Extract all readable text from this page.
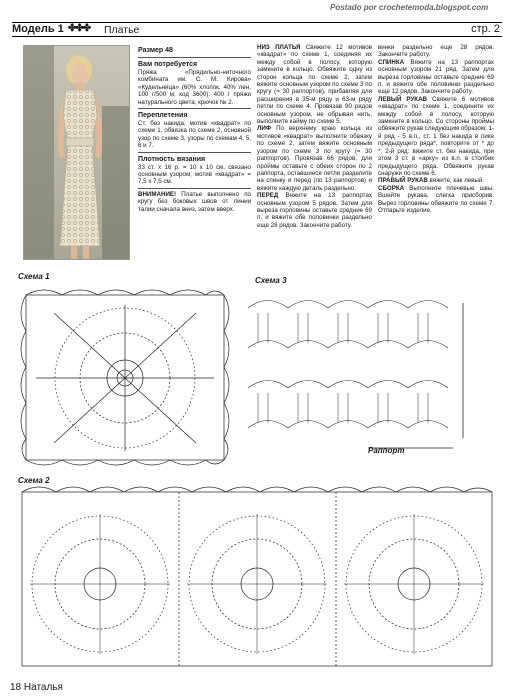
Postado por crochetemoda.blogspot.com
Модель 1 ✤✤✤ Платье	стр. 2
Размер 48
Вам потребуется

Пряжа «Прядильно-ниточного комбината им. С. М. Кирова» «Кудельница» (60% хлопок, 40% лен, 100 г/500 м; код 3600): 400 г пряжи натурального цвета; крючок № 2.

Переплетения

Ст. без накида, мотив «квадрат» по схеме 1, обвязка по схеме 2, основной узор по схеме 3, узоры по схемам 4, 5, 6 и 7.

Плотность вязания

33 ст. х 16 р. = 10 х 10 см, связано основным узором; мотив «квадрат» = 7,5 х 7,5 см.

ВНИМАНИЕ! Платье выполнено по кругу без боковых швов от линии талии сначала вниз, затем вверх.

НИЗ ПЛАТЬЯ Свяжите 12 мотивов «квадрат» по схеме 1, соединяя их между собой в полосу, которую замкните в кольцо. Обвяжите одну из сторон кольца по схеме 2, затем вяжите основным узором по схеме 3 по кругу (= 30 раппортов), прибавляя для расширения в 35-м ряду и 63-м ряду петли по схеме 4. Провязав 90 рядов основным узором, не обрывая нить, выполните кайму по схеме 5.

ЛИФ По верхнему краю кольца из мотивов «квадрат» выполните обвязку по схеме 2, затем вяжите основным узором по схеме 3 по кругу (= 30 раппортов). Провязав 66 рядов, для проймы оставьте с обеих сторон по 2 раппорта, оставшиеся петли разделите на спинку и перед (по 13 раппортов) и вяжите каждую деталь раздельно.

ПЕРЕД Вяжите на 13 раппортах основным узором 5 рядов. Затем для выреза горловины оставьте средние 69 п. и вяжите обе половинки раздельно еще 28 рядов. Закончите работу.

винки раздельно еще 28 рядов. Закончите работу.

СПИНКА Вяжите на 13 раппортах основным узором 21 ряд. Затем для выреза горловины оставьте средние 69 п. и вяжите обе половинки раздельно еще 12 рядов. Закончите работу.

ЛЕВЫЙ РУКАВ Свяжите 6 мотивов «квадрат» по схеме 1, соедините их между собой в полосу, которую замкните в кольцо. Со стороны проймы обвяжите рукав следующим образом: 1-й ряд - 5 в.п., ст. 1 без накида в пике предыдущего ряда*, повторите от * до *; 2-й ряд: вяжите ст. без накида, при этом 3 ст. в «арку» из в.п. в столбик предыдущего ряда. Обвяжите рукав снаружи по схеме 6.

ПРАВЫЙ РУКАВ вяжите, как левый.

СБОРКА Выполните плечевые швы. Вшейте рукава, слегка присборив. Вырез горловины обвяжите по схеме 7. Отпарьте изделие.

Схема 1	Схема 3
Схема 2
Раппорт
18 Наталья
